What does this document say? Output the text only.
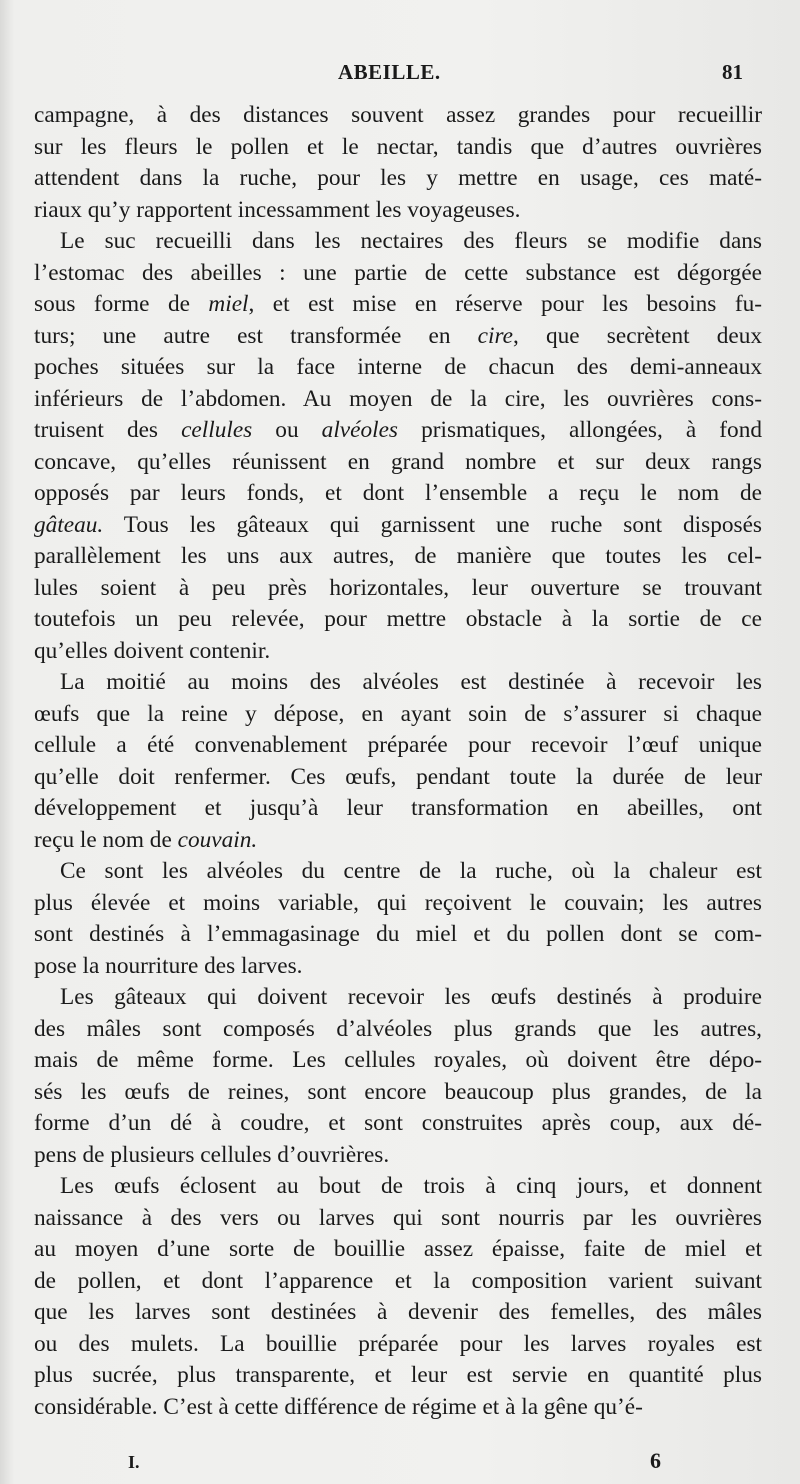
ABEILLE.	81
campagne, à des distances souvent assez grandes pour recueillir
sur les fleurs le pollen et le nectar, tandis que d’autres ouvrières
attendent dans la ruche, pour les y mettre en usage, ces maté-
riaux qu’y rapportent incessamment les voyageuses.
Le suc recueilli dans les nectaires des fleurs se modifie dans
l’estomac des abeilles : une partie de cette substance est dégorgée
sous forme de miel, et est mise en réserve pour les besoins fu-
turs; une autre est transformée en cire, que secrètent deux
poches situées sur la face interne de chacun des demi-anneaux
inférieurs de l’abdomen. Au moyen de la cire, les ouvrières cons-
truisent des cellules ou alvéoles prismatiques, allongées, à fond
concave, qu’elles réunissent en grand nombre et sur deux rangs
opposés par leurs fonds, et dont l’ensemble a reçu le nom de
gâteau. Tous les gâteaux qui garnissent une ruche sont disposés
parallèlement les uns aux autres, de manière que toutes les cel-
lules soient à peu près horizontales, leur ouverture se trouvant
toutefois un peu relevée, pour mettre obstacle à la sortie de ce
qu’elles doivent contenir.
La moitié au moins des alvéoles est destinée à recevoir les
œufs que la reine y dépose, en ayant soin de s’assurer si chaque
cellule a été convenablement préparée pour recevoir l’œuf unique
qu’elle doit renfermer. Ces œufs, pendant toute la durée de leur
développement et jusqu’à leur transformation en abeilles, ont
reçu le nom de couvain.
Ce sont les alvéoles du centre de la ruche, où la chaleur est
plus élevée et moins variable, qui reçoivent le couvain; les autres
sont destinés à l’emmagasinage du miel et du pollen dont se com-
pose la nourriture des larves.
Les gâteaux qui doivent recevoir les œufs destinés à produire
des mâles sont composés d’alvéoles plus grands que les autres,
mais de même forme. Les cellules royales, où doivent être dépo-
sés les œufs de reines, sont encore beaucoup plus grandes, de la
forme d’un dé à coudre, et sont construites après coup, aux dé-
pens de plusieurs cellules d’ouvrières.
Les œufs éclosent au bout de trois à cinq jours, et donnent
naissance à des vers ou larves qui sont nourris par les ouvrières
au moyen d’une sorte de bouillie assez épaisse, faite de miel et
de pollen, et dont l’apparence et la composition varient suivant
que les larves sont destinées à devenir des femelles, des mâles
ou des mulets. La bouillie préparée pour les larves royales est
plus sucrée, plus transparente, et leur est servie en quantité plus
considérable. C’est à cette différence de régime et à la gêne qu’é-
I.	6
